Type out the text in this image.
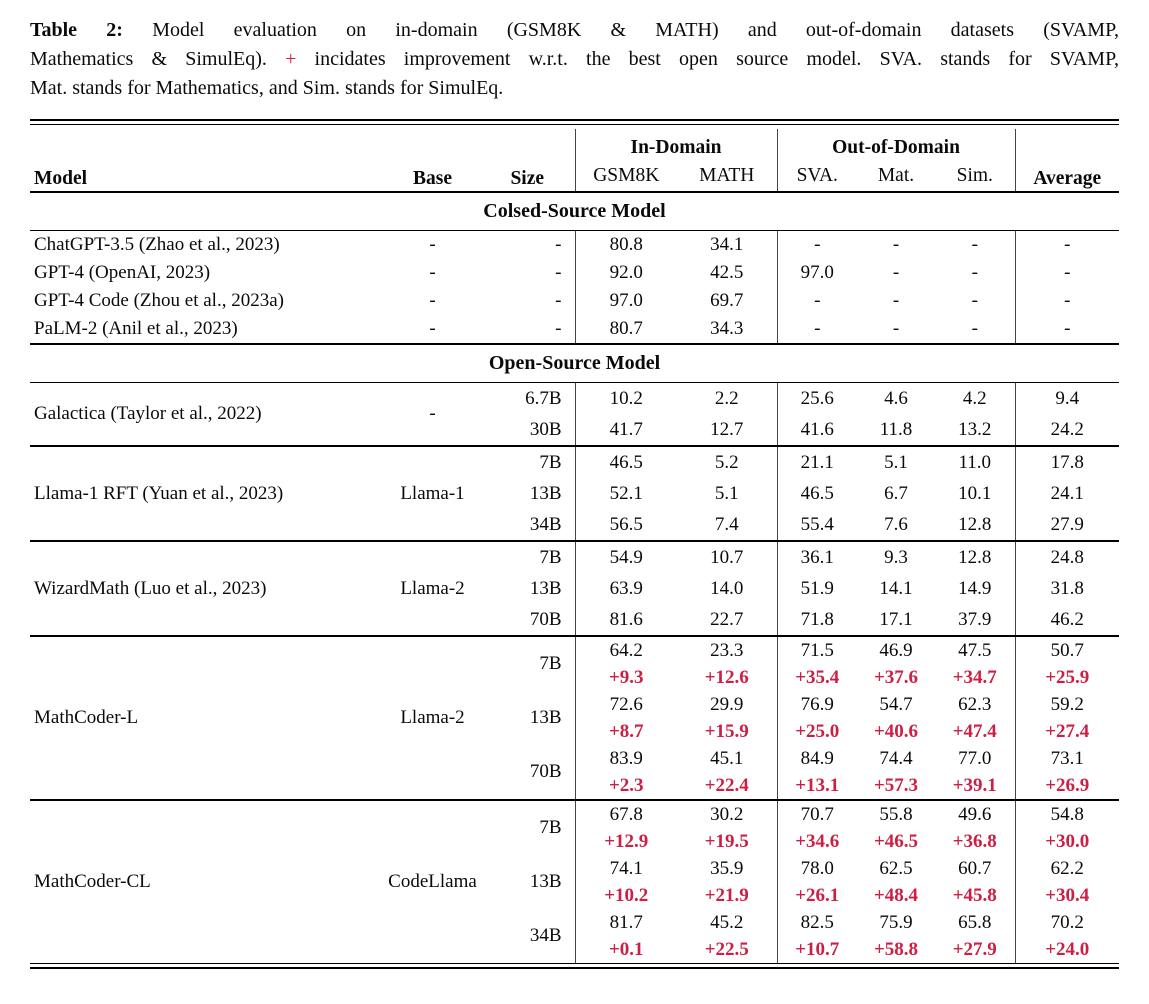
Table 2: Model evaluation on in-domain (GSM8K & MATH) and out-of-domain datasets (SVAMP,
Mathematics & SimulEq). + incidates improvement w.r.t. the best open source model. SVA. stands for SVAMP,
Mat. stands for Mathematics, and Sim. stands for SimulEq.
Model	Base	Size	In-Domain		Out-of-Domain			Average
			GSM8K	MATH	SVA.	Mat.	Sim.	
Colsed-Source Model								
ChatGPT-3.5 (Zhao et al., 2023)	-	-	80.8	34.1	-	-	-	-
GPT-4 (OpenAI, 2023)	-	-	92.0	42.5	97.0	-	-	-
GPT-4 Code (Zhou et al., 2023a)	-	-	97.0	69.7	-	-	-	-
PaLM-2 (Anil et al., 2023)	-	-	80.7	34.3	-	-	-	-
Open-Source Model								
Galactica (Taylor et al., 2022)	-	6.7B	10.2	2.2	25.6	4.6	4.2	9.4
		30B	41.7	12.7	41.6	11.8	13.2	24.2
Llama-1 RFT (Yuan et al., 2023)	Llama-1	7B	46.5	5.2	21.1	5.1	11.0	17.8
		13B	52.1	5.1	46.5	6.7	10.1	24.1
		34B	56.5	7.4	55.4	7.6	12.8	27.9
WizardMath (Luo et al., 2023)	Llama-2	7B	54.9	10.7	36.1	9.3	12.8	24.8
		13B	63.9	14.0	51.9	14.1	14.9	31.8
		70B	81.6	22.7	71.8	17.1	37.9	46.2
MathCoder-L	Llama-2	7B	64.2	23.3	71.5	46.9	47.5	50.7
			+9.3	+12.6	+35.4	+37.6	+34.7	+25.9
		13B	72.6	29.9	76.9	54.7	62.3	59.2
			+8.7	+15.9	+25.0	+40.6	+47.4	+27.4
		70B	83.9	45.1	84.9	74.4	77.0	73.1
			+2.3	+22.4	+13.1	+57.3	+39.1	+26.9
MathCoder-CL	CodeLlama	7B	67.8	30.2	70.7	55.8	49.6	54.8
			+12.9	+19.5	+34.6	+46.5	+36.8	+30.0
		13B	74.1	35.9	78.0	62.5	60.7	62.2
			+10.2	+21.9	+26.1	+48.4	+45.8	+30.4
		34B	81.7	45.2	82.5	75.9	65.8	70.2
			+0.1	+22.5	+10.7	+58.8	+27.9	+24.0
